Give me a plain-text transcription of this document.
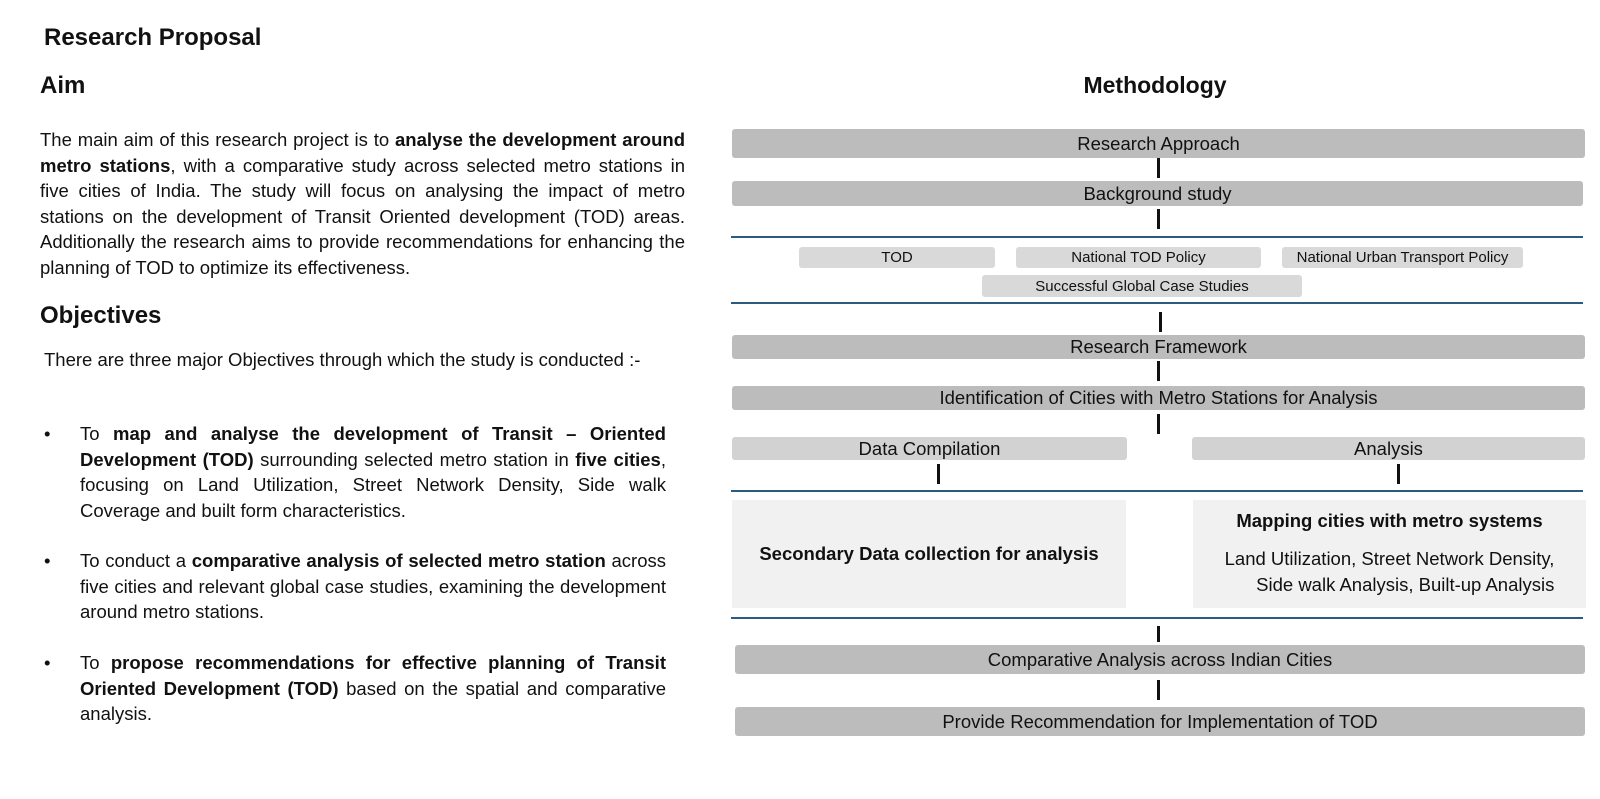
Research Proposal
Aim
The main aim of this research project is to analyse the development around metro stations, with a comparative study across selected metro stations in five cities of India. The study will focus on analysing the impact of metro stations on the development of Transit Oriented development (TOD) areas. Additionally the research aims to provide recommendations for enhancing the planning of TOD to optimize its effectiveness.
Objectives
There are three major Objectives through which the study is conducted :-
•	To map and analyse the development of Transit – Oriented Development (TOD) surrounding selected metro station in five cities, focusing on Land Utilization, Street Network Density, Side walk Coverage and built form characteristics.
•	To conduct a comparative analysis of selected metro station across five cities and relevant global case studies, examining the development around metro stations.
•	To propose recommendations for effective planning of Transit Oriented Development (TOD) based on the spatial and comparative analysis.
Methodology
Research Approach
Background study
TOD	National TOD Policy	National Urban Transport Policy
Successful Global Case Studies
Research Framework
Identification of Cities with Metro Stations for Analysis
Data Compilation	Analysis
Secondary Data collection for analysis
Mapping cities with metro systems
Land Utilization, Street Network Density,
Side walk Analysis, Built-up Analysis
Comparative Analysis across Indian Cities
Provide Recommendation for Implementation of TOD
